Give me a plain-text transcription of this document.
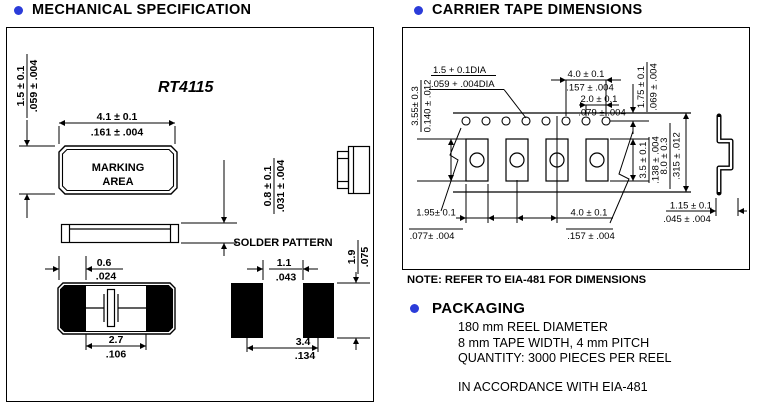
MECHANICAL SPECIFICATION	CARRIER TAPE DIMENSIONS
RT4115
MARKING
AREA
SOLDER PATTERN
1.5 ± 0.1 .059 ± .004
4.1 ± 0.1
.161 ± .004
0.8 ± 0.1 .031 ± .004
0.6
.024
2.7
.106
1.1
.043
1.9 .075
3.4
.134
3.55± 0.3 0.140 ± .012
1.5 + 0.1DIA
.059 + .004DIA
4.0 ± 0.1
.157 ± .004
2.0 ± 0.1
.079 ± .004
1.75 ± 0.1 .069 ± .004
3.5 ± 0.1 .138 ± .004
8.0 ± 0.3 .315 ± .012
1.95± 0.1
.077± .004
4.0 ± 0.1
.157 ± .004
1.15 ± 0.1
.045 ± .004
NOTE: REFER TO EIA-481 FOR DIMENSIONS
PACKAGING
180 mm REEL DIAMETER
8 mm TAPE WIDTH, 4 mm PITCH
QUANTITY: 3000 PIECES PER REEL
IN ACCORDANCE WITH EIA-481
